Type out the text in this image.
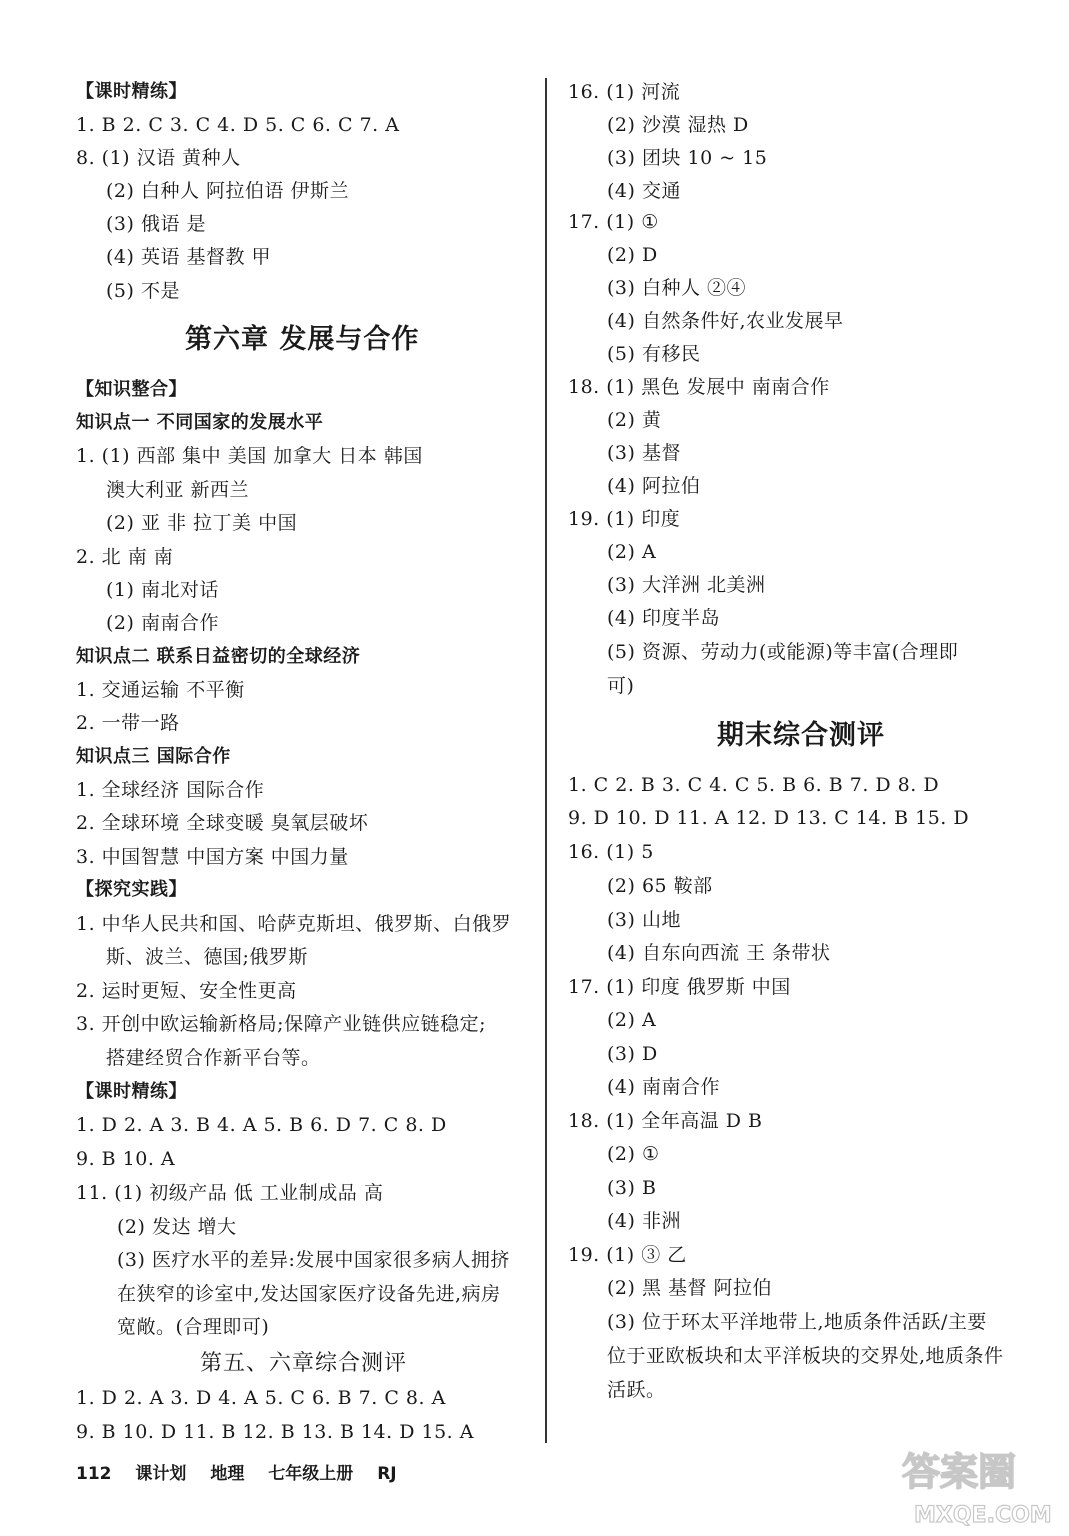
【课时精练】
1. B 2. C 3. C 4. D 5. C 6. C 7. A
8. (1) 汉语 黄种人
(2) 白种人 阿拉伯语 伊斯兰
(3) 俄语 是
(4) 英语 基督教 甲
(5) 不是
第六章 发展与合作
【知识整合】
知识点一 不同国家的发展水平
1. (1) 西部 集中 美国 加拿大 日本 韩国
澳大利亚 新西兰
(2) 亚 非 拉丁美 中国
2. 北 南 南
(1) 南北对话
(2) 南南合作
知识点二 联系日益密切的全球经济
1. 交通运输 不平衡
2. 一带一路
知识点三 国际合作
1. 全球经济 国际合作
2. 全球环境 全球变暖 臭氧层破坏
3. 中国智慧 中国方案 中国力量
【探究实践】
1. 中华人民共和国、哈萨克斯坦、俄罗斯、白俄罗
斯、波兰、德国;俄罗斯
2. 运时更短、安全性更高
3. 开创中欧运输新格局;保障产业链供应链稳定;
搭建经贸合作新平台等。
【课时精练】
1. D 2. A 3. B 4. A 5. B 6. D 7. C 8. D
9. B 10. A
11. (1) 初级产品 低 工业制成品 高
(2) 发达 增大
(3) 医疗水平的差异:发展中国家很多病人拥挤
在狭窄的诊室中,发达国家医疗设备先进,病房
宽敞。(合理即可)
第五、六章综合测评
1. D 2. A 3. D 4. A 5. C 6. B 7. C 8. A
9. B 10. D 11. B 12. B 13. B 14. D 15. A
16. (1) 河流
(2) 沙漠 湿热 D
(3) 团块 10 ~ 15
(4) 交通
17. (1) ①
(2) D
(3) 白种人 ②④
(4) 自然条件好,农业发展早
(5) 有移民
18. (1) 黑色 发展中 南南合作
(2) 黄
(3) 基督
(4) 阿拉伯
19. (1) 印度
(2) A
(3) 大洋洲 北美洲
(4) 印度半岛
(5) 资源、劳动力(或能源)等丰富(合理即
可)
期末综合测评
1. C 2. B 3. C 4. C 5. B 6. B 7. D 8. D
9. D 10. D 11. A 12. D 13. C 14. B 15. D
16. (1) 5
(2) 65 鞍部
(3) 山地
(4) 自东向西流 王 条带状
17. (1) 印度 俄罗斯 中国
(2) A
(3) D
(4) 南南合作
18. (1) 全年高温 D B
(2) ①
(3) B
(4) 非洲
19. (1) ③ 乙
(2) 黑 基督 阿拉伯
(3) 位于环太平洋地带上,地质条件活跃/主要
位于亚欧板块和太平洋板块的交界处,地质条件
活跃。
112 课计划 地理 七年级上册 RJ	答案圈
MXQE.COM
